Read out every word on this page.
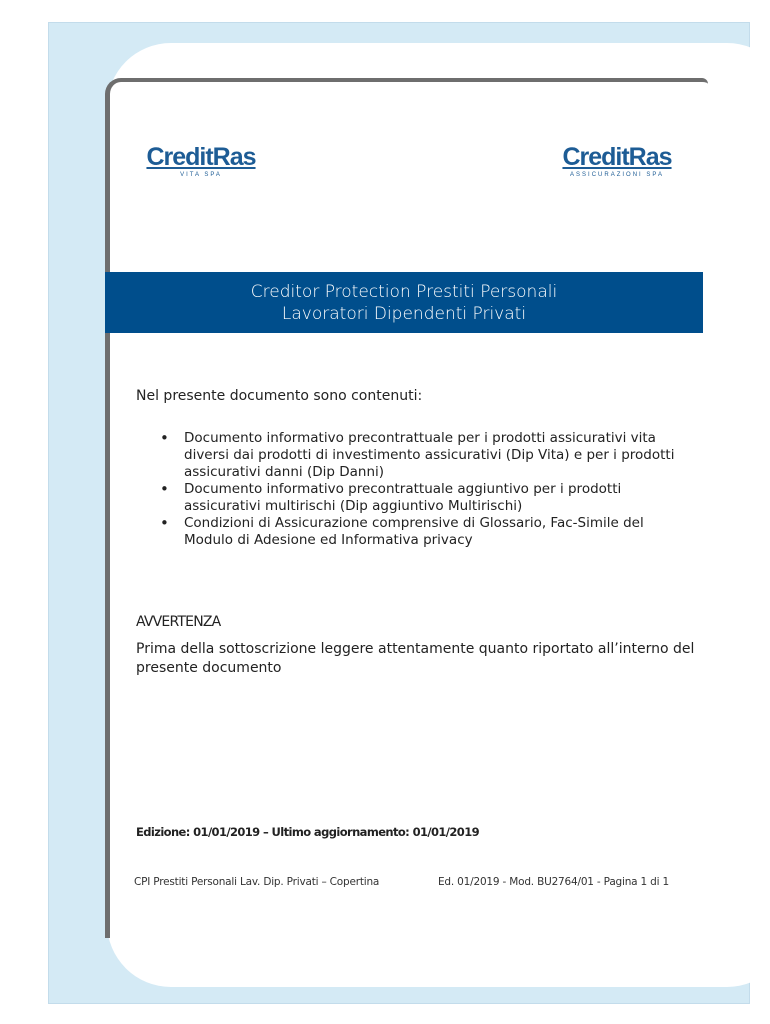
CreditRas
VITA SPA
CreditRas
ASSICURAZIONI SPA
Creditor Protection Prestiti Personali
Lavoratori Dipendenti Privati
Nel presente documento sono contenuti:
• Documento informativo precontrattuale per i prodotti assicurativi vita diversi dai prodotti di investimento assicurativi (Dip Vita) e per i prodotti assicurativi danni (Dip Danni)
• Documento informativo precontrattuale aggiuntivo per i prodotti assicurativi multirischi (Dip aggiuntivo Multirischi)
• Condizioni di Assicurazione comprensive di Glossario, Fac-Simile del Modulo di Adesione ed Informativa privacy
AVVERTENZA
Prima della sottoscrizione leggere attentamente quanto riportato all’interno del presente documento
Edizione: 01/01/2019 – Ultimo aggiornamento: 01/01/2019
CPI Prestiti Personali Lav. Dip. Privati – Copertina	Ed. 01/2019 - Mod. BU2764/01 - Pagina 1 di 1
